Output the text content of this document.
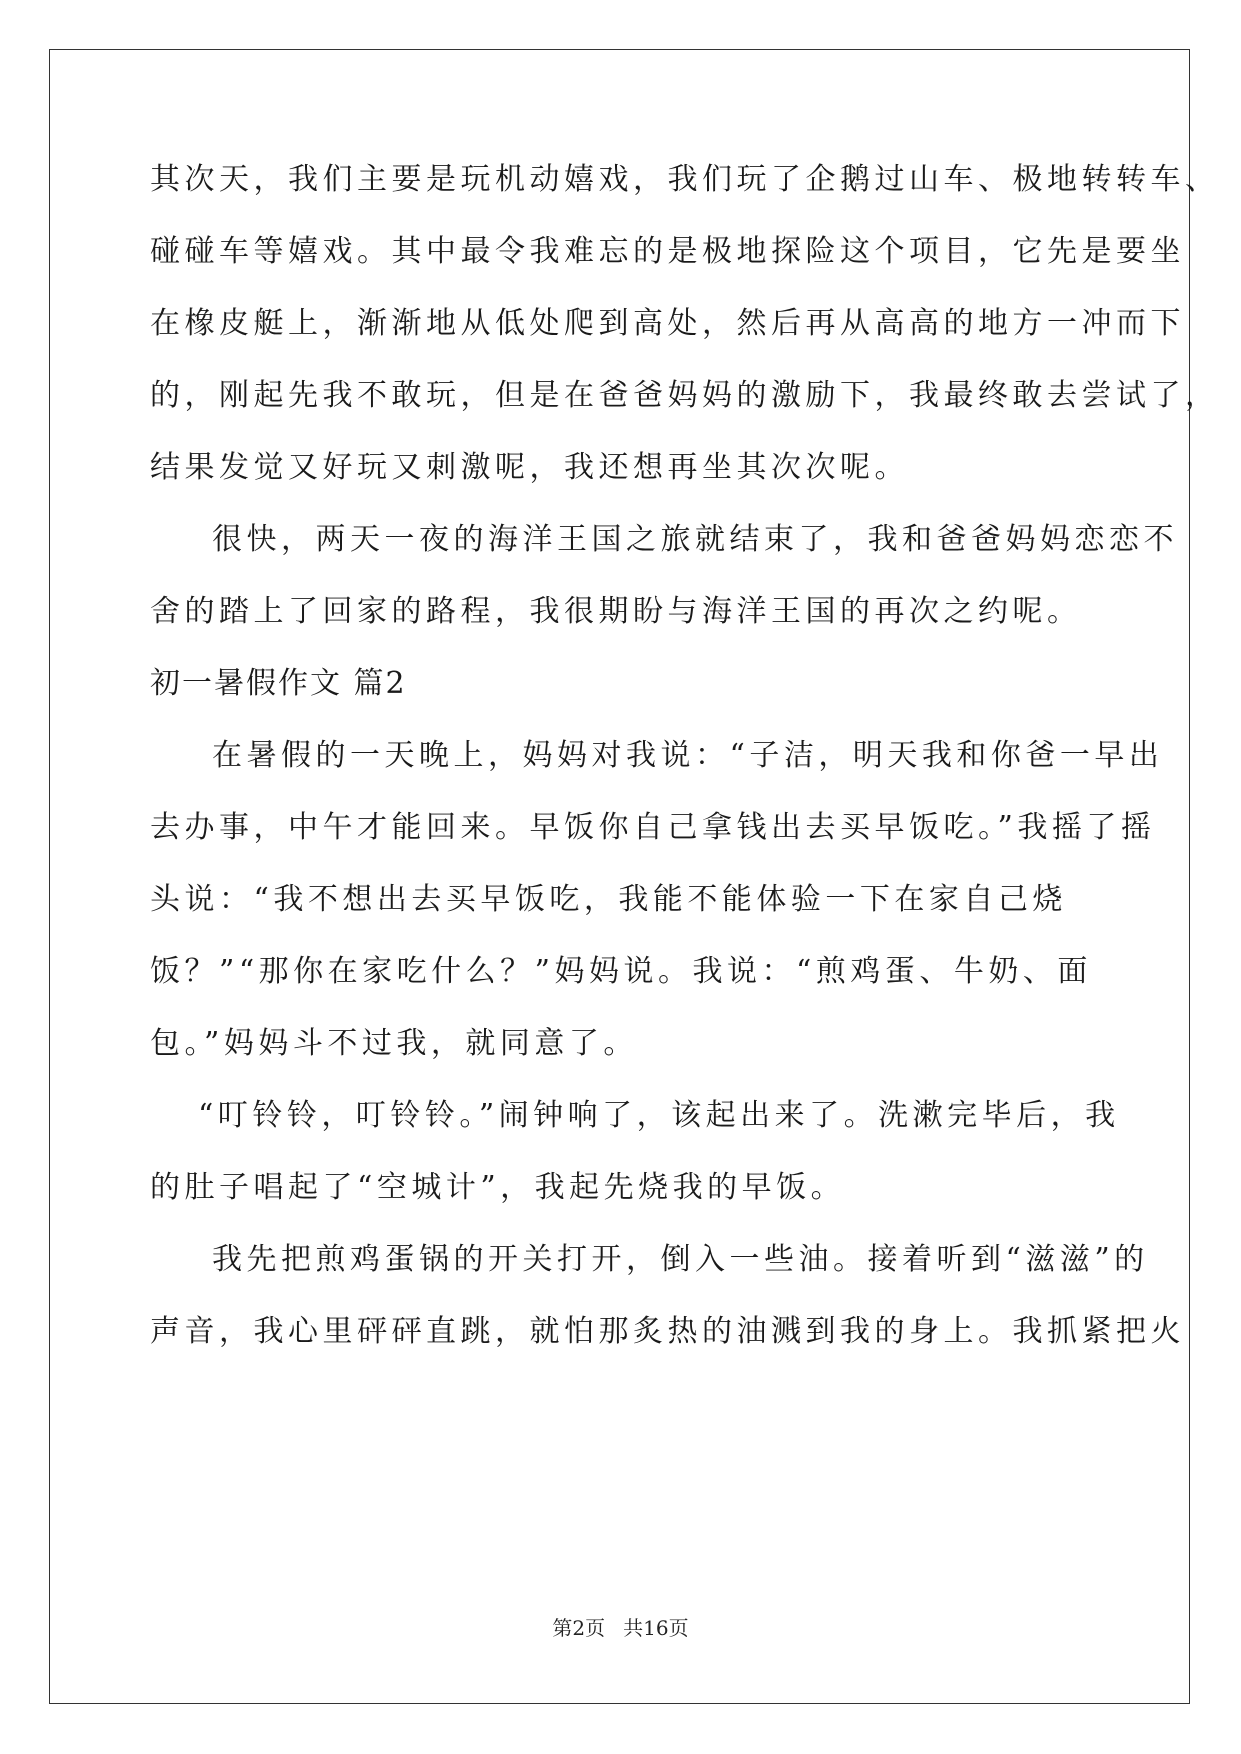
其次天，我们主要是玩机动嬉戏，我们玩了企鹅过山车、极地转转车、
碰碰车等嬉戏。其中最令我难忘的是极地探险这个项目，它先是要坐
在橡皮艇上，渐渐地从低处爬到高处，然后再从高高的地方一冲而下
的，刚起先我不敢玩，但是在爸爸妈妈的激励下，我最终敢去尝试了，
结果发觉又好玩又刺激呢，我还想再坐其次次呢。
很快，两天一夜的海洋王国之旅就结束了，我和爸爸妈妈恋恋不
舍的踏上了回家的路程，我很期盼与海洋王国的再次之约呢。
初一暑假作文 篇2
在暑假的一天晚上，妈妈对我说：“子洁，明天我和你爸一早出
去办事，中午才能回来。早饭你自己拿钱出去买早饭吃。”我摇了摇
头说：“我不想出去买早饭吃，我能不能体验一下在家自己烧
饭？”“那你在家吃什么？”妈妈说。我说：“煎鸡蛋、牛奶、面
包。”妈妈斗不过我，就同意了。
“叮铃铃，叮铃铃。”闹钟响了，该起出来了。洗漱完毕后，我
的肚子唱起了“空城计”，我起先烧我的早饭。
我先把煎鸡蛋锅的开关打开，倒入一些油。接着听到“滋滋”的
声音，我心里砰砰直跳，就怕那炙热的油溅到我的身上。我抓紧把火
第2页 共16页
